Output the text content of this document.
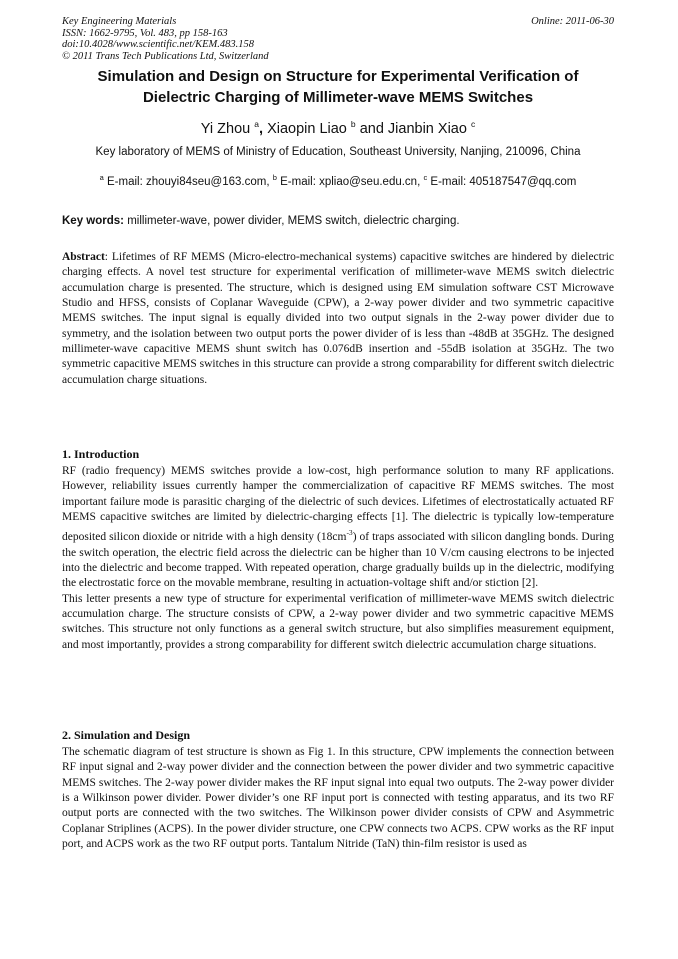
Key Engineering Materials
ISSN: 1662-9795, Vol. 483, pp 158-163
doi:10.4028/www.scientific.net/KEM.483.158
© 2011 Trans Tech Publications Ltd, Switzerland
Online: 2011-06-30
Simulation and Design on Structure for Experimental Verification of
Dielectric Charging of Millimeter-wave MEMS Switches
Yi Zhou $^a$, Xiaopin Liao $^b$ and Jianbin Xiao $^c$
Key laboratory of MEMS of Ministry of Education, Southeast University, Nanjing, 210096, China
$^a$ E-mail: zhouyi84seu@163.com, $^b$ E-mail: xpliao@seu.edu.cn, $^c$ E-mail: 405187547@qq.com
Key words: millimeter-wave, power divider, MEMS switch, dielectric charging.

Abstract: Lifetimes of RF MEMS (Micro-electro-mechanical systems) capacitive switches are hindered by dielectric charging effects. A novel test structure for experimental verification of millimeter-wave MEMS switch dielectric accumulation charge is presented. The structure, which is designed using EM simulation software CST Microwave Studio and HFSS, consists of Coplanar Waveguide (CPW), a 2-way power divider and two symmetric capacitive MEMS switches. The input signal is equally divided into two output signals in the 2-way power divider due to symmetry, and the isolation between two output ports the power divider of is less than -48dB at 35GHz. The designed millimeter-wave capacitive MEMS shunt switch has 0.076dB insertion and -55dB isolation at 35GHz. The two symmetric capacitive MEMS switches in this structure can provide a strong comparability for different switch dielectric accumulation charge situations.

1. Introduction

RF (radio frequency) MEMS switches provide a low-cost, high performance solution to many RF applications. However, reliability issues currently hamper the commercialization of capacitive RF MEMS switches. The most important failure mode is parasitic charging of the dielectric of such devices. Lifetimes of electrostatically actuated RF MEMS capacitive switches are limited by dielectric-charging effects [1]. The dielectric is typically low-temperature deposited silicon dioxide or nitride with a high density $(18cm^{-3})$ of traps associated with silicon dangling bonds. During the switch operation, the electric field across the dielectric can be higher than 10 V/cm causing electrons to be injected into the dielectric and become trapped. With repeated operation, charge gradually builds up in the dielectric, modifying the electrostatic force on the movable membrane, resulting in actuation-voltage shift and/or stiction [2].

This letter presents a new type of structure for experimental verification of millimeter-wave MEMS switch dielectric accumulation charge. The structure consists of CPW, a 2-way power divider and two symmetric capacitive MEMS switches. This structure not only functions as a general switch structure, but also simplifies measurement equipment, and most importantly, provides a strong comparability for different switch dielectric accumulation charge situations.

2. Simulation and Design

The schematic diagram of test structure is shown as Fig 1. In this structure, CPW implements the connection between RF input signal and 2-way power divider and the connection between the power divider and two symmetric capacitive MEMS switches. The 2-way power divider makes the RF input signal into equal two outputs. The 2-way power divider is a Wilkinson power divider. Power divider’s one RF input port is connected with testing apparatus, and its two RF output ports are connected with the two switches. The Wilkinson power divider consists of CPW and Asymmetric Coplanar Striplines (ACPS). In the power divider structure, one CPW connects two ACPS. CPW works as the RF input port, and ACPS work as the two RF output ports. Tantalum Nitride (TaN) thin-film resistor is used as
